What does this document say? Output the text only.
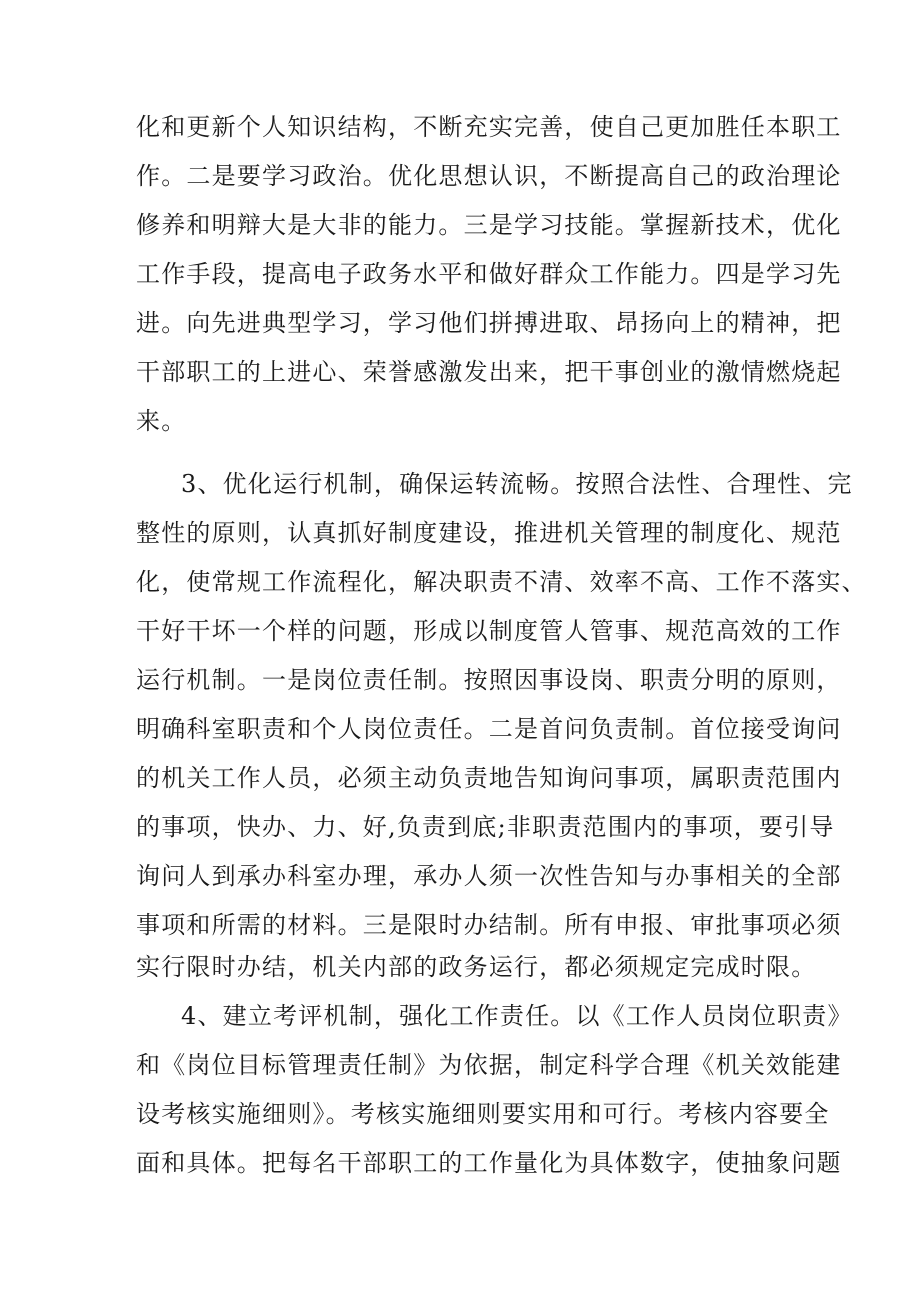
化和更新个人知识结构，不断充实完善，使自己更加胜任本职工
作。二是要学习政治。优化思想认识，不断提高自己的政治理论
修养和明辩大是大非的能力。三是学习技能。掌握新技术，优化
工作手段，提高电子政务水平和做好群众工作能力。四是学习先
进。向先进典型学习，学习他们拼搏进取、昂扬向上的精神，把
干部职工的上进心、荣誉感激发出来，把干事创业的激情燃烧起
来。
3、优化运行机制，确保运转流畅。按照合法性、合理性、完
整性的原则，认真抓好制度建设，推进机关管理的制度化、规范
化，使常规工作流程化，解决职责不清、效率不高、工作不落实、
干好干坏一个样的问题，形成以制度管人管事、规范高效的工作
运行机制。一是岗位责任制。按照因事设岗、职责分明的原则，
明确科室职责和个人岗位责任。二是首问负责制。首位接受询问
的机关工作人员，必须主动负责地告知询问事项，属职责范围内
的事项，快办、力、好,负责到底;非职责范围内的事项，要引导
询问人到承办科室办理，承办人须一次性告知与办事相关的全部
事项和所需的材料。三是限时办结制。所有申报、审批事项必须
实行限时办结，机关内部的政务运行，都必须规定完成时限。
4、建立考评机制，强化工作责任。以《工作人员岗位职责》
和《岗位目标管理责任制》为依据，制定科学合理《机关效能建
设考核实施细则》。考核实施细则要实用和可行。考核内容要全
面和具体。把每名干部职工的工作量化为具体数字，使抽象问题
